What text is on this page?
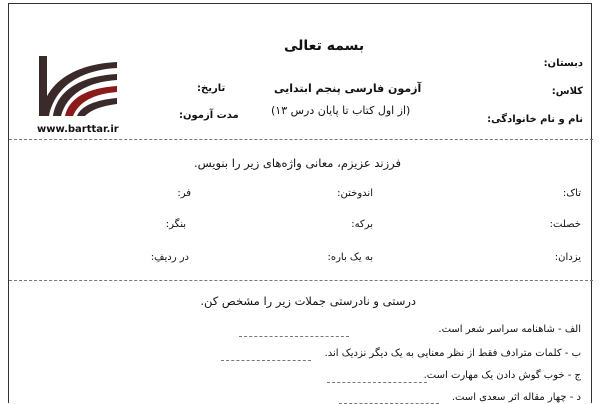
بسمه تعالی
دبستان:
کلاس:
نام و نام خانوادگی:
آزمون فارسی پنجم ابتدایی
(از اول کتاب تا پایان درس ۱۳)
تاریخ:
مدت آزمون:
www.barttar.ir
فرزند عزیزم، معانی واژه‌های زیر را بنویس.
تاک:
اندوختن:
فر:
خصلت:
برکه:
بنگر:
یزدان:
به یک باره:
در ردیفِ:
درستی و نادرستی جملات زیر را مشخص کن.
الف - شاهنامه سراسر شعر است.
ب - کلمات مترادف فقط از نظر معنایی به یک دیگر نزدیک اند.
ج - خوب گوش دادن یک مهارت است.
د - چهار مقاله اثر سعدی است.
